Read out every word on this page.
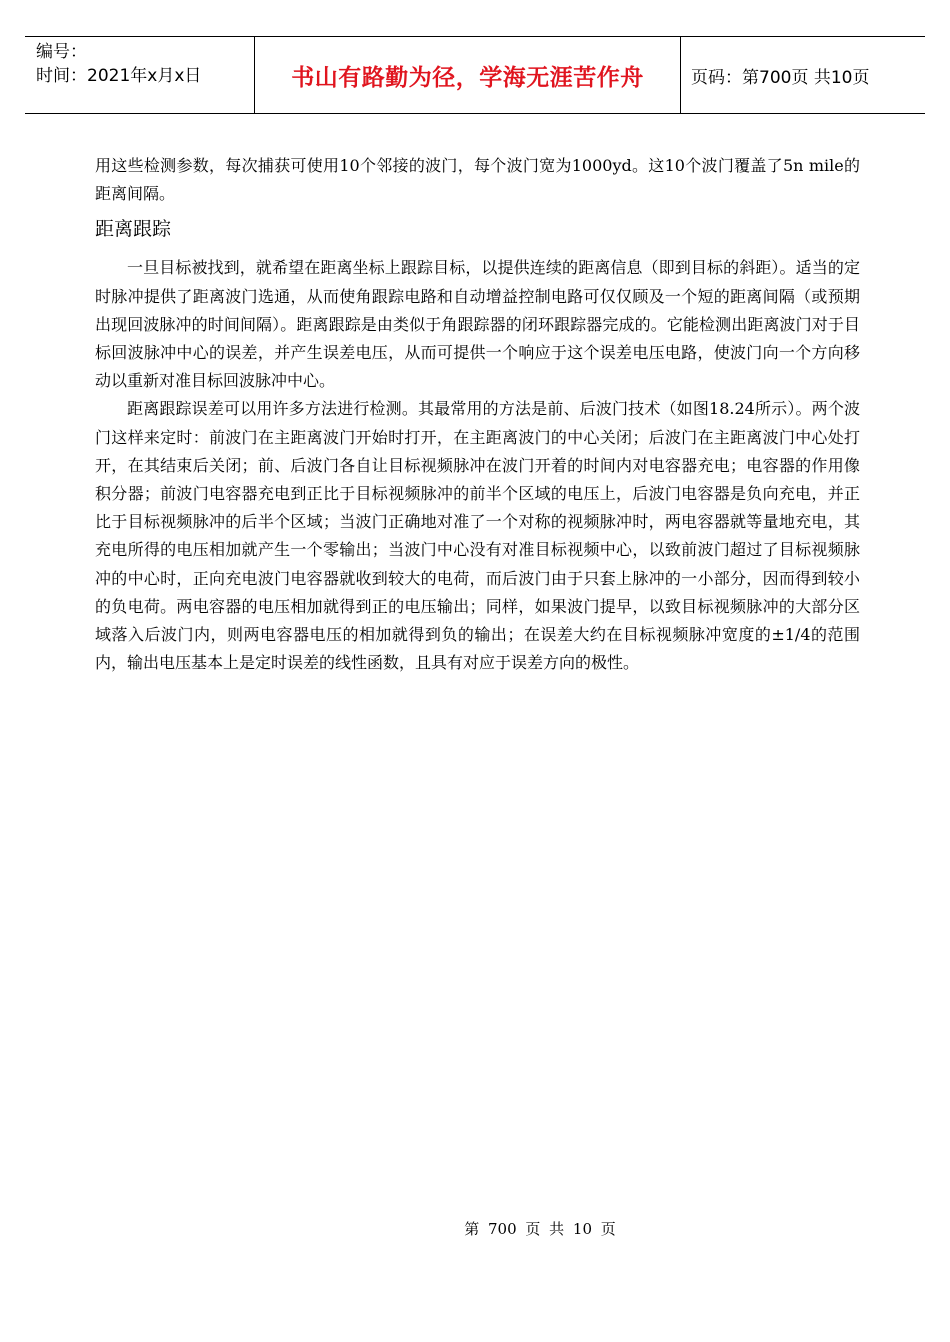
编号：
时间：2021年x月x日	书山有路勤为径，学海无涯苦作舟	页码：第700页 共10页

用这些检测参数，每次捕获可使用10个邻接的波门，每个波门宽为1000yd。这10个波门覆盖了5n mile的距离间隔。

距离跟踪

一旦目标被找到，就希望在距离坐标上跟踪目标，以提供连续的距离信息（即到目标的斜距）。适当的定时脉冲提供了距离波门选通，从而使角跟踪电路和自动增益控制电路可仅仅顾及一个短的距离间隔（或预期出现回波脉冲的时间间隔）。距离跟踪是由类似于角跟踪器的闭环跟踪器完成的。它能检测出距离波门对于目标回波脉冲中心的误差，并产生误差电压，从而可提供一个响应于这个误差电压电路，使波门向一个方向移动以重新对准目标回波脉冲中心。

距离跟踪误差可以用许多方法进行检测。其最常用的方法是前、后波门技术（如图18.24所示）。两个波门这样来定时：前波门在主距离波门开始时打开，在主距离波门的中心关闭；后波门在主距离波门中心处打开，在其结束后关闭；前、后波门各自让目标视频脉冲在波门开着的时间内对电容器充电；电容器的作用像积分器；前波门电容器充电到正比于目标视频脉冲的前半个区域的电压上，后波门电容器是负向充电，并正比于目标视频脉冲的后半个区域；当波门正确地对准了一个对称的视频脉冲时，两电容器就等量地充电，其充电所得的电压相加就产生一个零输出；当波门中心没有对准目标视频中心，以致前波门超过了目标视频脉冲的中心时，正向充电波门电容器就收到较大的电荷，而后波门由于只套上脉冲的一小部分，因而得到较小的负电荷。两电容器的电压相加就得到正的电压输出；同样，如果波门提早，以致目标视频脉冲的大部分区域落入后波门内，则两电容器电压的相加就得到负的输出；在误差大约在目标视频脉冲宽度的±1/4的范围内，输出电压基本上是定时误差的线性函数，且具有对应于误差方向的极性。

第 700 页 共 10 页
